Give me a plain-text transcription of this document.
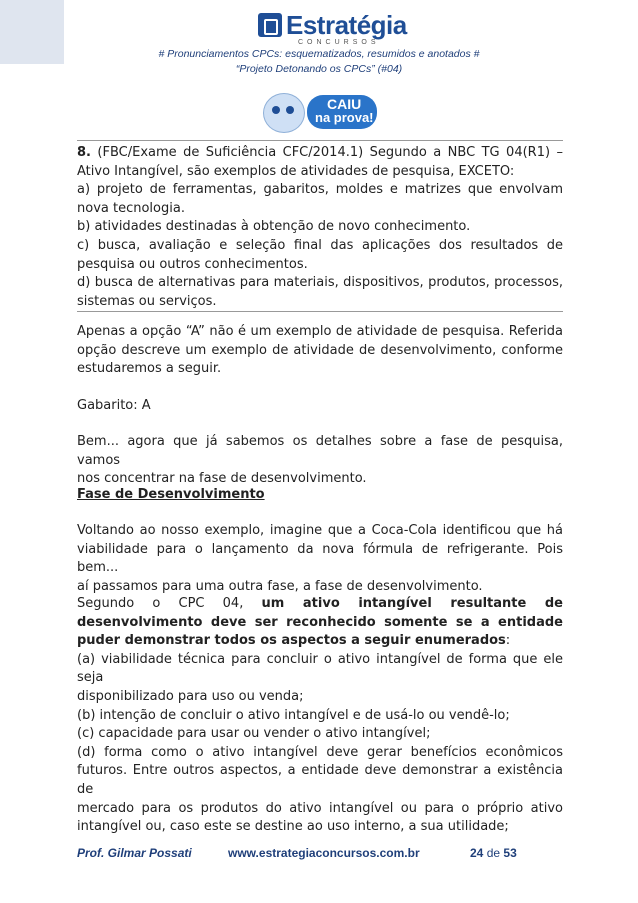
Estratégia
CONCURSOS
# Pronunciamentos CPCs: esquematizados, resumidos e anotados #
“Projeto Detonando os CPCs” (#04)
CAIU
na prova!
8. (FBC/Exame de Suficiência CFC/2014.1) Segundo a NBC TG 04(R1) –
Ativo Intangível, são exemplos de atividades de pesquisa, EXCETO:
a) projeto de ferramentas, gabaritos, moldes e matrizes que envolvam
nova tecnologia.
b) atividades destinadas à obtenção de novo conhecimento.
c) busca, avaliação e seleção final das aplicações dos resultados de
pesquisa ou outros conhecimentos.
d) busca de alternativas para materiais, dispositivos, produtos, processos,
sistemas ou serviços.
Apenas a opção “A” não é um exemplo de atividade de pesquisa. Referida
opção descreve um exemplo de atividade de desenvolvimento, conforme
estudaremos a seguir.
Gabarito: A
Bem... agora que já sabemos os detalhes sobre a fase de pesquisa, vamos
nos concentrar na fase de desenvolvimento.
Fase de Desenvolvimento
Voltando ao nosso exemplo, imagine que a Coca-Cola identificou que há
viabilidade para o lançamento da nova fórmula de refrigerante. Pois bem...
aí passamos para uma outra fase, a fase de desenvolvimento.
Segundo o CPC 04, um ativo intangível resultante de
desenvolvimento deve ser reconhecido somente se a entidade
puder demonstrar todos os aspectos a seguir enumerados:
(a) viabilidade técnica para concluir o ativo intangível de forma que ele seja
disponibilizado para uso ou venda;
(b) intenção de concluir o ativo intangível e de usá-lo ou vendê-lo;
(c) capacidade para usar ou vender o ativo intangível;
(d) forma como o ativo intangível deve gerar benefícios econômicos
futuros. Entre outros aspectos, a entidade deve demonstrar a existência de
mercado para os produtos do ativo intangível ou para o próprio ativo
intangível ou, caso este se destine ao uso interno, a sua utilidade;
Prof. Gilmar Possati	www.estrategiaconcursos.com.br	24 de 53
